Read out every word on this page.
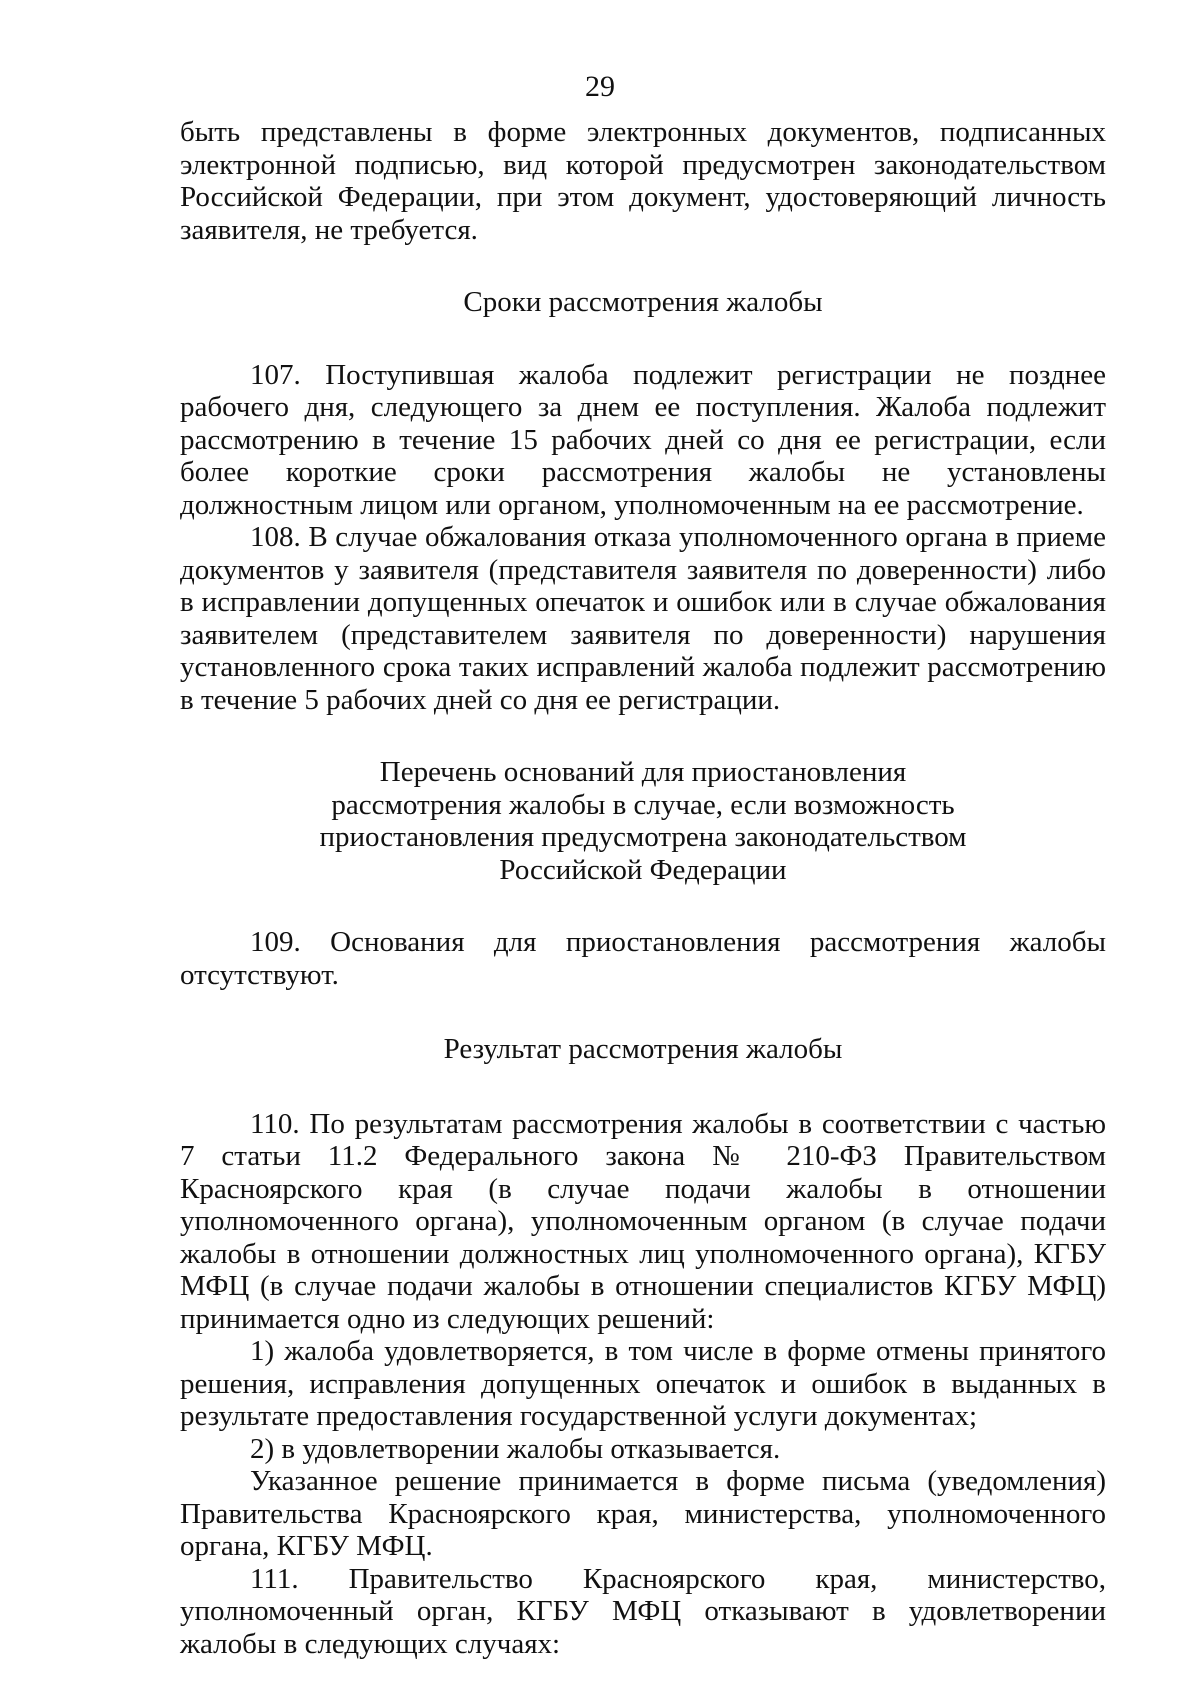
29

быть представлены в форме электронных документов, подписанных электронной подписью, вид которой предусмотрен законодательством Российской Федерации, при этом документ, удостоверяющий личность заявителя, не требуется.

Сроки рассмотрения жалобы

107. Поступившая жалоба подлежит регистрации не позднее рабочего дня, следующего за днем ее поступления. Жалоба подлежит рассмотрению в течение 15 рабочих дней со дня ее регистрации, если более короткие сроки рассмотрения жалобы не установлены должностным лицом или органом, уполномоченным на ее рассмотрение.

108. В случае обжалования отказа уполномоченного органа в приеме документов у заявителя (представителя заявителя по доверенности) либо в исправлении допущенных опечаток и ошибок или в случае обжалования заявителем (представителем заявителя по доверенности) нарушения установленного срока таких исправлений жалоба подлежит рассмотрению в течение 5 рабочих дней со дня ее регистрации.

Перечень оснований для приостановления рассмотрения жалобы в случае, если возможность приостановления предусмотрена законодательством Российской Федерации

109. Основания для приостановления рассмотрения жалобы отсутствуют.

Результат рассмотрения жалобы

110. По результатам рассмотрения жалобы в соответствии с частью 7 статьи 11.2 Федерального закона № 210-ФЗ Правительством Красноярского края (в случае подачи жалобы в отношении уполномоченного органа), уполномоченным органом (в случае подачи жалобы в отношении должностных лиц уполномоченного органа), КГБУ МФЦ (в случае подачи жалобы в отношении специалистов КГБУ МФЦ) принимается одно из следующих решений:

1) жалоба удовлетворяется, в том числе в форме отмены принятого решения, исправления допущенных опечаток и ошибок в выданных в результате предоставления государственной услуги документах;

2) в удовлетворении жалобы отказывается.

Указанное решение принимается в форме письма (уведомления) Правительства Красноярского края, министерства, уполномоченного органа, КГБУ МФЦ.

111. Правительство Красноярского края, министерство, уполномоченный орган, КГБУ МФЦ отказывают в удовлетворении жалобы в следующих случаях:
